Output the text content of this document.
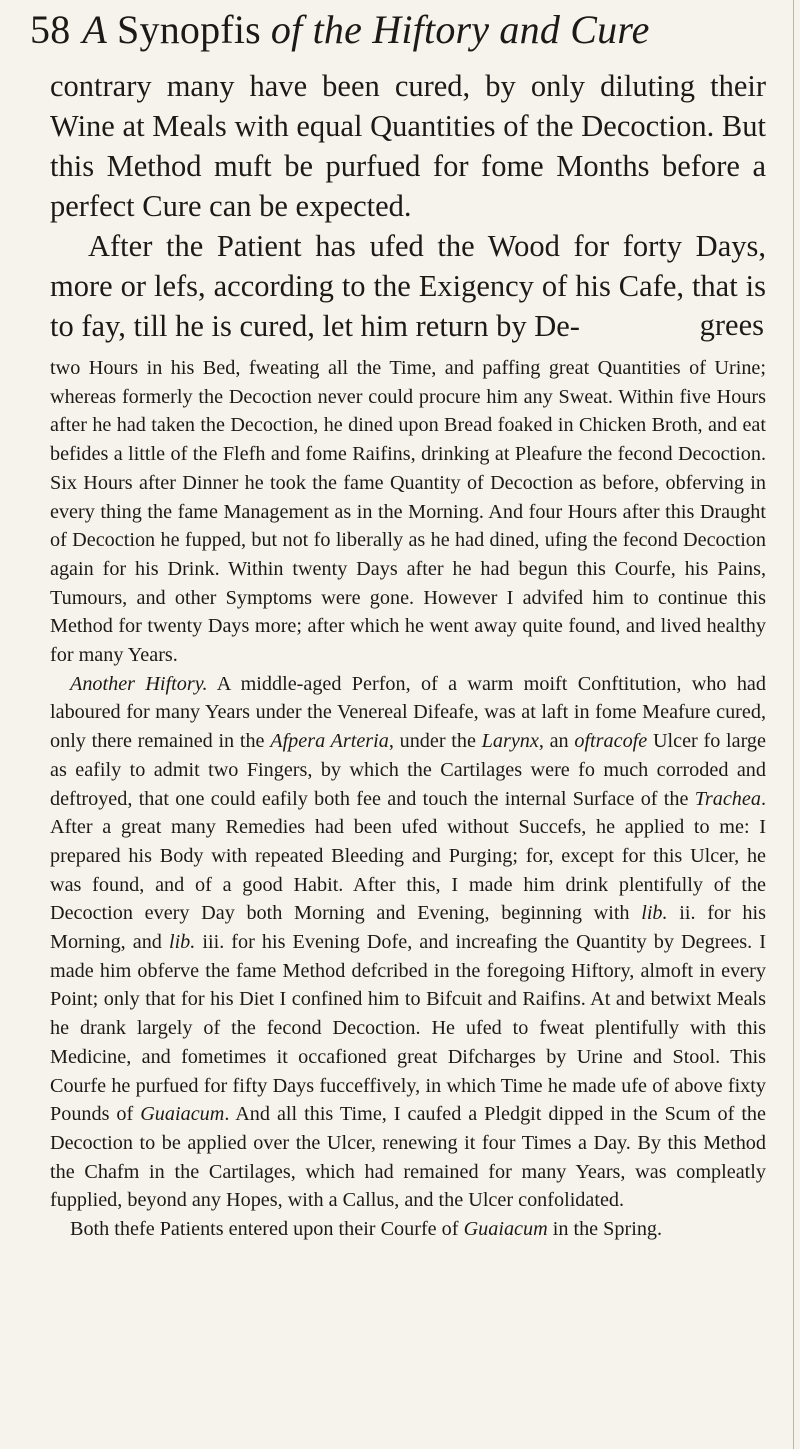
58 A Synopfis of the Hiftory and Cure

contrary many have been cured, by only diluting their Wine at Meals with equal Quantities of the Decoction. But this Method muft be purfued for fome Months before a perfect Cure can be expected.

After the Patient has ufed the Wood for forty Days, more or lefs, according to the Exigency of his Cafe, that is to fay, till he is cured, let him return by De-	grees

two Hours in his Bed, fweating all the Time, and paffing great Quantities of Urine; whereas formerly the Decoction never could procure him any Sweat. Within five Hours after he had taken the Decoction, he dined upon Bread foaked in Chicken Broth, and eat befides a little of the Flefh and fome Raifins, drinking at Pleafure the fecond Decoction. Six Hours after Dinner he took the fame Quantity of Decoction as before, obferving in every thing the fame Management as in the Morning. And four Hours after this Draught of Decoction he fupped, but not fo liberally as he had dined, ufing the fecond Decoction again for his Drink. Within twenty Days after he had begun this Courfe, his Pains, Tumours, and other Symptoms were gone. However I advifed him to continue this Method for twenty Days more; after which he went away quite found, and lived healthy for many Years.

Another Hiftory. A middle-aged Perfon, of a warm moift Conftitution, who had laboured for many Years under the Venereal Difeafe, was at laft in fome Meafure cured, only there remained in the Afpera Arteria, under the Larynx, an oftracofe Ulcer fo large as eafily to admit two Fingers, by which the Cartilages were fo much corroded and deftroyed, that one could eafily both fee and touch the internal Surface of the Trachea. After a great many Remedies had been ufed without Succefs, he applied to me: I prepared his Body with repeated Bleeding and Purging; for, except for this Ulcer, he was found, and of a good Habit. After this, I made him drink plentifully of the Decoction every Day both Morning and Evening, beginning with lib. ii. for his Morning, and lib. iii. for his Evening Dofe, and increafing the Quantity by Degrees. I made him obferve the fame Method defcribed in the foregoing Hiftory, almoft in every Point; only that for his Diet I confined him to Bifcuit and Raifins. At and betwixt Meals he drank largely of the fecond Decoction. He ufed to fweat plentifully with this Medicine, and fometimes it occafioned great Difcharges by Urine and Stool. This Courfe he purfued for fifty Days fucceffively, in which Time he made ufe of above fixty Pounds of Guaiacum. And all this Time, I caufed a Pledgit dipped in the Scum of the Decoction to be applied over the Ulcer, renewing it four Times a Day. By this Method the Chafm in the Cartilages, which had remained for many Years, was compleatly fupplied, beyond any Hopes, with a Callus, and the Ulcer confolidated.

Both thefe Patients entered upon their Courfe of Guaiacum in the Spring.
